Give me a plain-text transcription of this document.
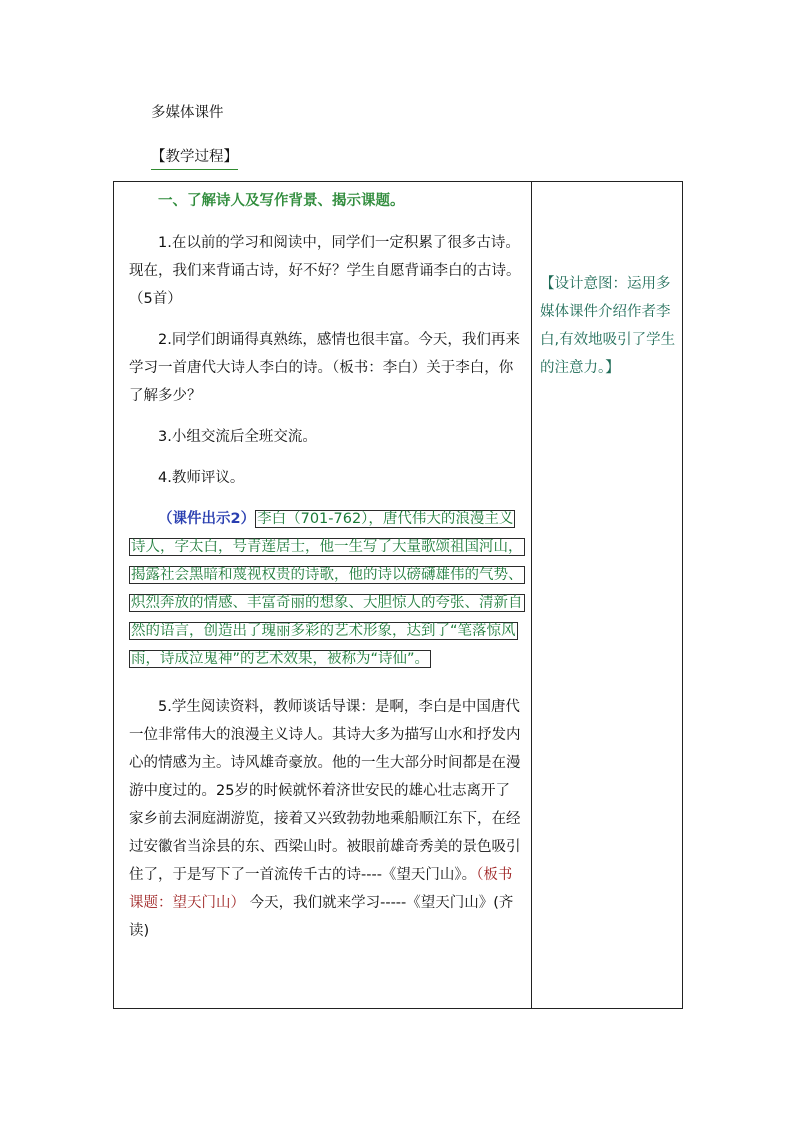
多媒体课件
【教学过程】

一、了解诗人及写作背景、揭示课题。

1.在以前的学习和阅读中，同学们一定积累了很多古诗。现在，我们来背诵古诗，好不好？学生自愿背诵李白的古诗。（5首）

2.同学们朗诵得真熟练，感情也很丰富。今天，我们再来学习一首唐代大诗人李白的诗。（板书：李白）关于李白，你了解多少？

3.小组交流后全班交流。

4.教师评议。

（课件出示2） 李白（701-762），唐代伟大的浪漫主义诗人，字太白，号青莲居士，他一生写了大量歌颂祖国河山，揭露社会黑暗和蔑视权贵的诗歌，他的诗以磅礴雄伟的气势、炽烈奔放的情感、丰富奇丽的想象、大胆惊人的夸张、清新自然的语言，创造出了瑰丽多彩的艺术形象，达到了“笔落惊风雨，诗成泣鬼神”的艺术效果，被称为“诗仙”。

5.学生阅读资料，教师谈话导课：是啊，李白是中国唐代一位非常伟大的浪漫主义诗人。其诗大多为描写山水和抒发内心的情感为主。诗风雄奇豪放。他的一生大部分时间都是在漫游中度过的。25岁的时候就怀着济世安民的雄心壮志离开了家乡前去洞庭湖游览，接着又兴致勃勃地乘船顺江东下，在经过安徽省当涂县的东、西梁山时。被眼前雄奇秀美的景色吸引住了，于是写下了一首流传千古的诗----《望天门山》。（板书课题：望天门山） 今天，我们就来学习-----《望天门山》(齐读)

【设计意图：运用多媒体课件介绍作者李白,有效地吸引了学生的注意力。】
